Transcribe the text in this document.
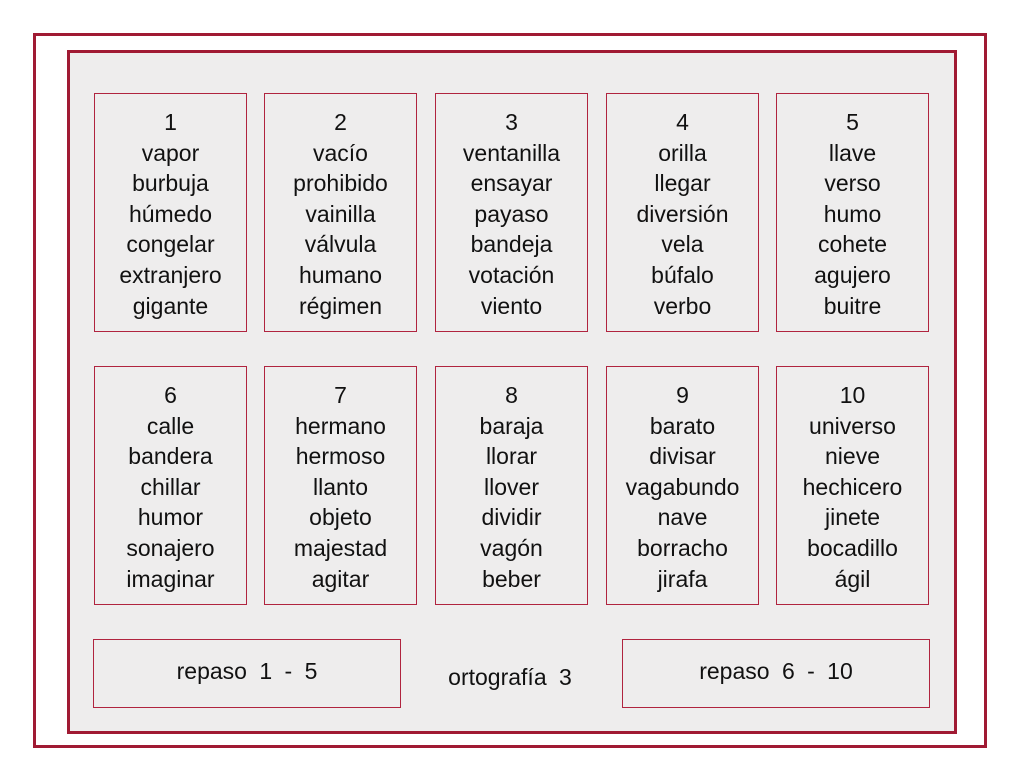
1
vapor
burbuja
húmedo
congelar
extranjero
gigante
2
vacío
prohibido
vainilla
válvula
humano
régimen
3
ventanilla
ensayar
payaso
bandeja
votación
viento
4
orilla
llegar
diversión
vela
búfalo
verbo
5
llave
verso
humo
cohete
agujero
buitre
6
calle
bandera
chillar
humor
sonajero
imaginar
7
hermano
hermoso
llanto
objeto
majestad
agitar
8
baraja
llorar
llover
dividir
vagón
beber
9
barato
divisar
vagabundo
nave
borracho
jirafa
10
universo
nieve
hechicero
jinete
bocadillo
ágil
repaso 1 - 5	ortografía 3	repaso 6 - 10
